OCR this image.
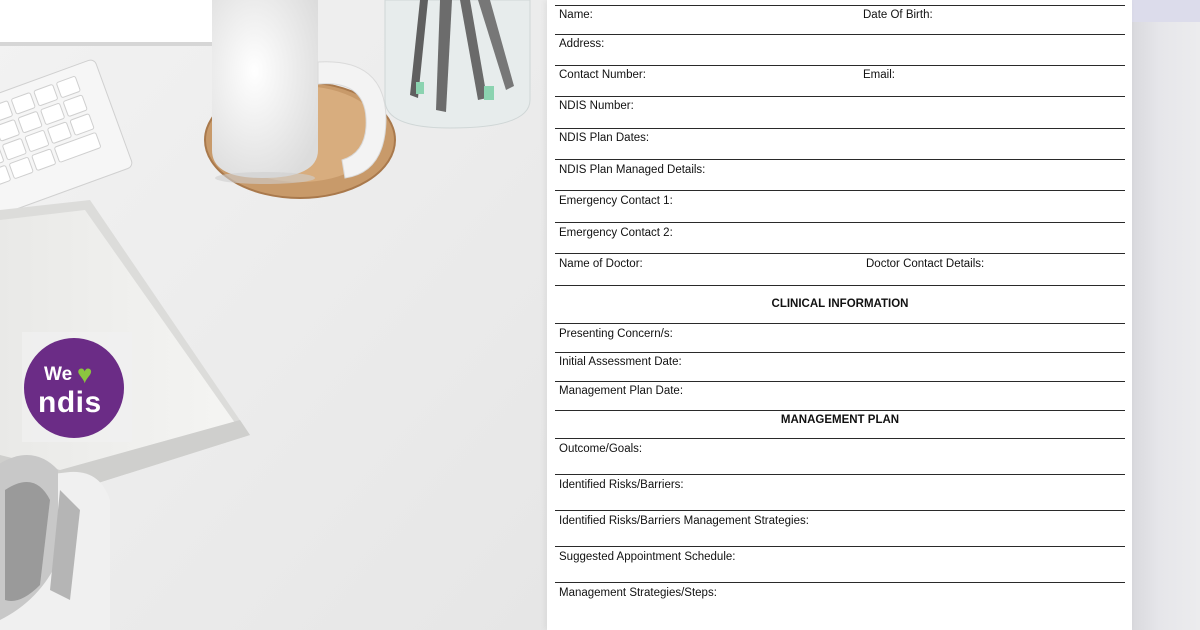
We ♥
ndis
Name:	Date Of Birth:
Address:
Contact Number:	Email:
NDIS Number:
NDIS Plan Dates:
NDIS Plan Managed Details:
Emergency Contact 1:
Emergency Contact 2:
Name of Doctor:	Doctor Contact Details:
CLINICAL INFORMATION
Presenting Concern/s:
Initial Assessment Date:
Management Plan Date:
MANAGEMENT PLAN
Outcome/Goals:
Identified Risks/Barriers:
Identified Risks/Barriers Management Strategies:
Suggested Appointment Schedule:
Management Strategies/Steps:
